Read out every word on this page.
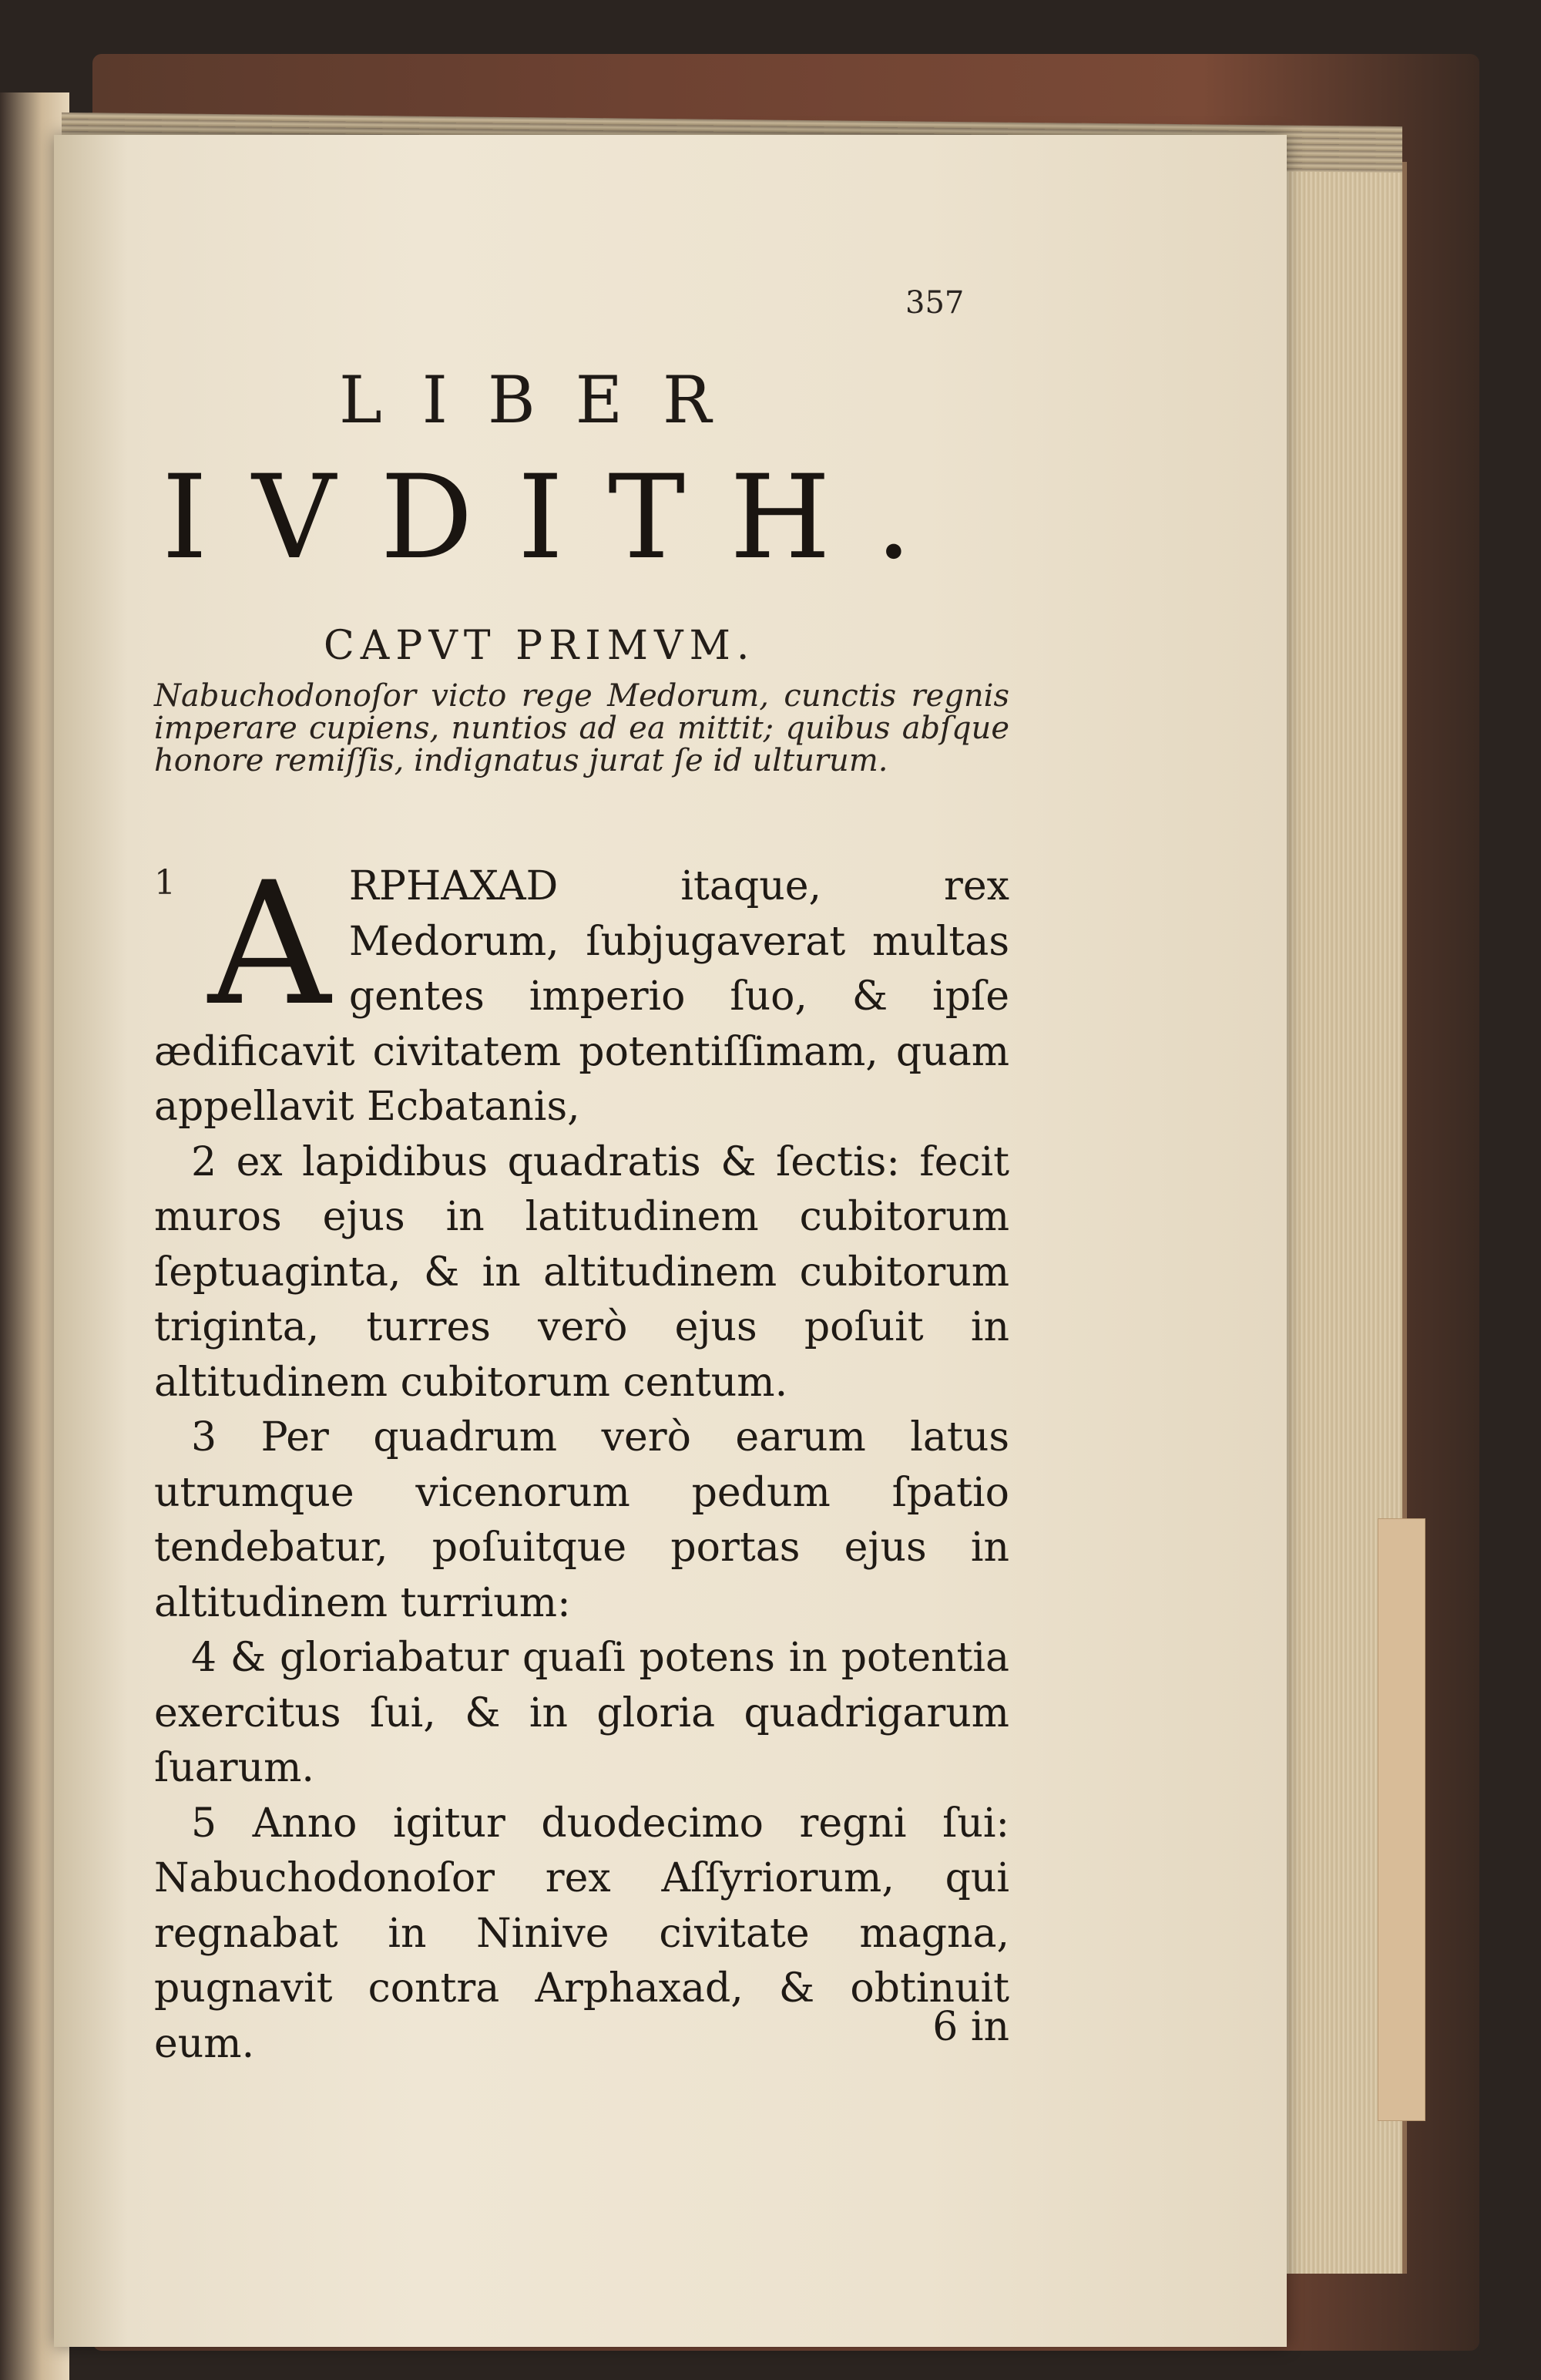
357
LIBER
IVDITH.
CAPVT PRIMVM.
Nabuchodonoſor victo rege Medorum, cunctis regnis imperare cupiens, nuntios ad ea mittit; quibus abſque honore remiſſis, indignatus jurat ſe id ulturum.
1 ARPHAXAD itaque, rex Medorum, ſubjugaverat multas gentes imperio ſuo, & ipſe ædificavit civitatem potentiſſimam, quam appellavit Ecbatanis,

2 ex lapidibus quadratis & ſectis: fecit muros ejus in latitudinem cubitorum ſeptuaginta, & in altitudinem cubitorum triginta, turres verò ejus poſuit in altitudinem cubitorum centum.

3 Per quadrum verò earum latus utrumque vicenorum pedum ſpatio tendebatur, poſuitque portas ejus in altitudinem turrium:

4 & gloriabatur quaſi potens in potentia exercitus ſui, & in gloria quadrigarum ſuarum.

5 Anno igitur duodecimo regni ſui: Nabuchodonoſor rex Aſſyriorum, qui regnabat in Ninive civitate magna, pugnavit contra Arphaxad, & obtinuit eum.	6 in
